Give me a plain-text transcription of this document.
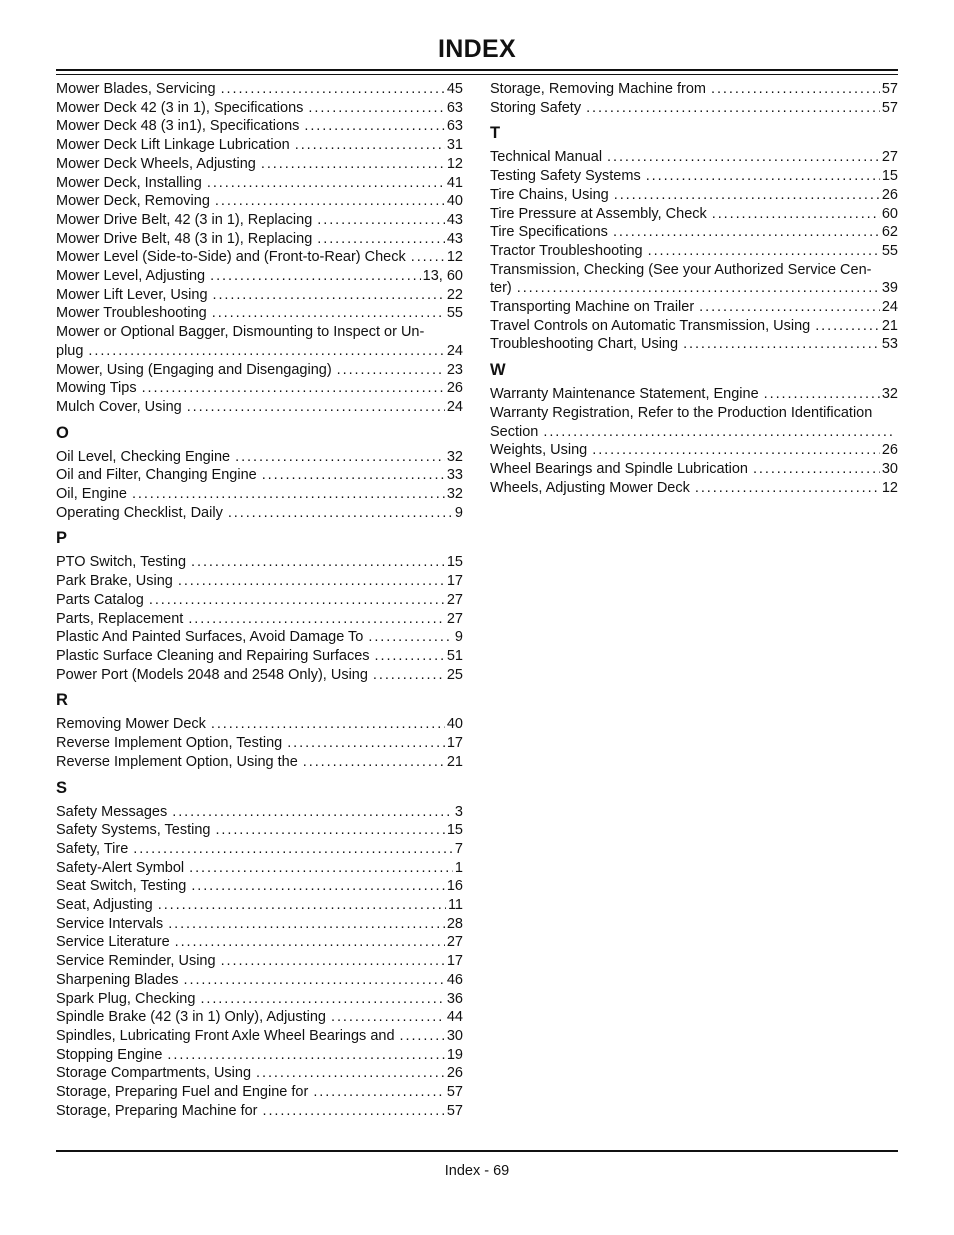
INDEX
Mower Blades, Servicing . . .	45
Mower Deck 42 (3 in 1), Specifications . . .	63
Mower Deck 48 (3 in1), Specifications . . .	63
Mower Deck Lift Linkage Lubrication . . .	31
Mower Deck Wheels, Adjusting . . .	12
Mower Deck, Installing . . .	41
Mower Deck, Removing . . .	40
Mower Drive Belt, 42 (3 in 1), Replacing . . .	43
Mower Drive Belt, 48 (3 in 1), Replacing . . .	43
Mower Level (Side-to-Side) and (Front-to-Rear) Check . . .	12
Mower Level, Adjusting . . .	13, 60
Mower Lift Lever, Using . . .	22
Mower Troubleshooting . . .	55
Mower or Optional Bagger, Dismounting to Inspect or Un-
plug . . .	24
Mower, Using (Engaging and Disengaging) . . .	23
Mowing Tips . . .	26
Mulch Cover, Using . . .	24
O
Oil Level, Checking Engine . . .	32
Oil and Filter, Changing Engine . . .	33
Oil, Engine . . .	32
Operating Checklist, Daily . . .	9
P
PTO Switch, Testing . . .	15
Park Brake, Using . . .	17
Parts Catalog . . .	27
Parts, Replacement . . .	27
Plastic And Painted Surfaces, Avoid Damage To . . .	9
Plastic Surface Cleaning and Repairing Surfaces . . .	51
Power Port (Models 2048 and 2548 Only), Using . . .	25
R
Removing Mower Deck . . .	40
Reverse Implement Option, Testing . . .	17
Reverse Implement Option, Using the . . .	21
S
Safety Messages . . .	3
Safety Systems, Testing . . .	15
Safety, Tire . . .	7
Safety-Alert Symbol . . .	1
Seat Switch, Testing . . .	16
Seat, Adjusting . . .	11
Service Intervals . . .	28
Service Literature . . .	27
Service Reminder, Using . . .	17
Sharpening Blades . . .	46
Spark Plug, Checking . . .	36
Spindle Brake (42 (3 in 1) Only), Adjusting . . .	44
Spindles, Lubricating Front Axle Wheel Bearings and . . .	30
Stopping Engine . . .	19
Storage Compartments, Using . . .	26
Storage, Preparing Fuel and Engine for . . .	57
Storage, Preparing Machine for . . .	57
Storage, Removing Machine from . . .	57
Storing Safety . . .	57
T
Technical Manual . . .	27
Testing Safety Systems . . .	15
Tire Chains, Using . . .	26
Tire Pressure at Assembly, Check . . .	60
Tire Specifications . . .	62
Tractor Troubleshooting . . .	55
Transmission, Checking (See your Authorized Service Cen-
ter) . . .	39
Transporting Machine on Trailer . . .	24
Travel Controls on Automatic Transmission, Using . . .	21
Troubleshooting Chart, Using . . .	53
W
Warranty Maintenance Statement, Engine . . .	32
Warranty Registration, Refer to the Production Identification
Section
. . .
Weights, Using . . .	26
Wheel Bearings and Spindle Lubrication . . .	30
Wheels, Adjusting Mower Deck . . .	12
Index - 69
